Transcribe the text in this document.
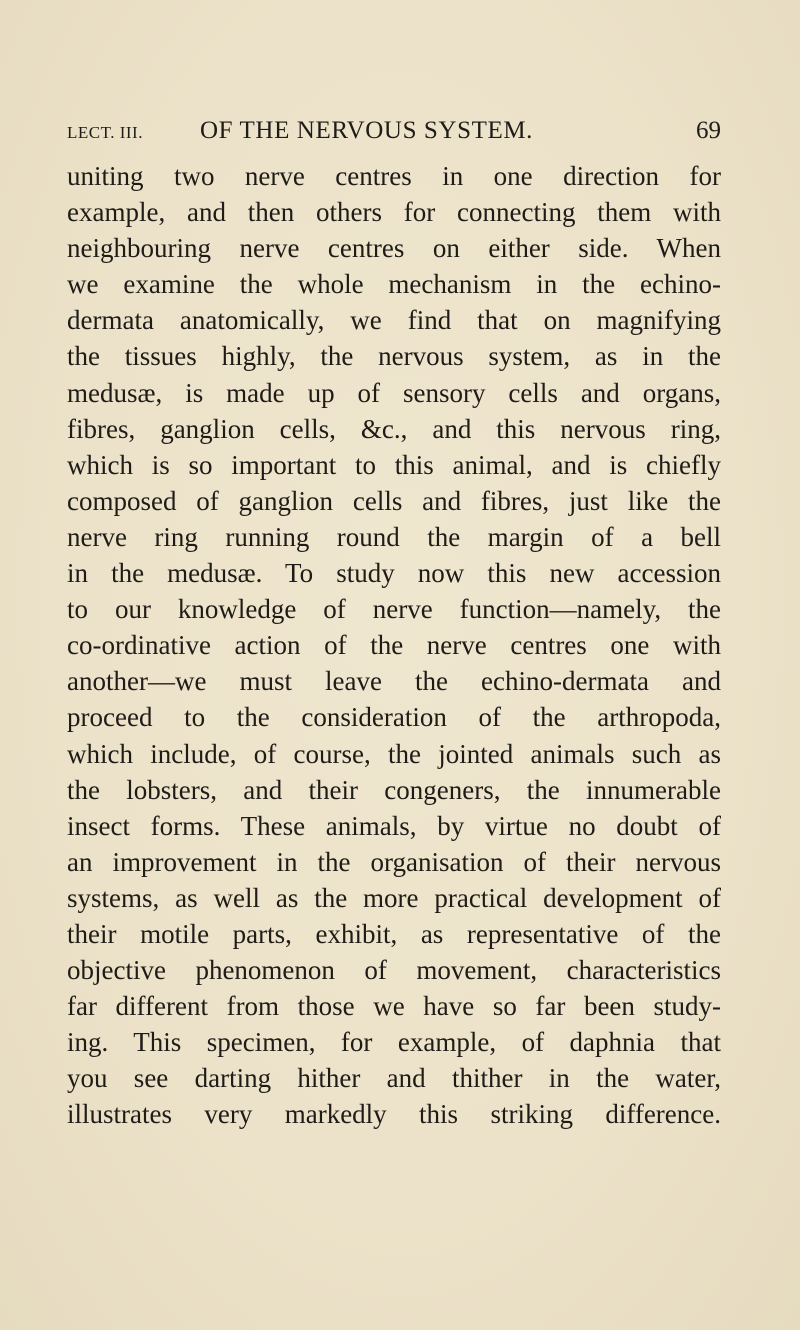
LECT. III. OF THE NERVOUS SYSTEM.	69
uniting two nerve centres in one direction for
example, and then others for connecting them with
neighbouring nerve centres on either side. When
we examine the whole mechanism in the echino-
dermata anatomically, we find that on magnifying
the tissues highly, the nervous system, as in the
medusæ, is made up of sensory cells and organs,
fibres, ganglion cells, &c., and this nervous ring,
which is so important to this animal, and is chiefly
composed of ganglion cells and fibres, just like the
nerve ring running round the margin of a bell
in the medusæ. To study now this new accession
to our knowledge of nerve function—namely, the
co-ordinative action of the nerve centres one with
another—we must leave the echino-dermata and
proceed to the consideration of the arthropoda,
which include, of course, the jointed animals such as
the lobsters, and their congeners, the innumerable
insect forms. These animals, by virtue no doubt of
an improvement in the organisation of their nervous
systems, as well as the more practical development of
their motile parts, exhibit, as representative of the
objective phenomenon of movement, characteristics
far different from those we have so far been study-
ing. This specimen, for example, of daphnia that
you see darting hither and thither in the water,
illustrates very markedly this striking difference.
